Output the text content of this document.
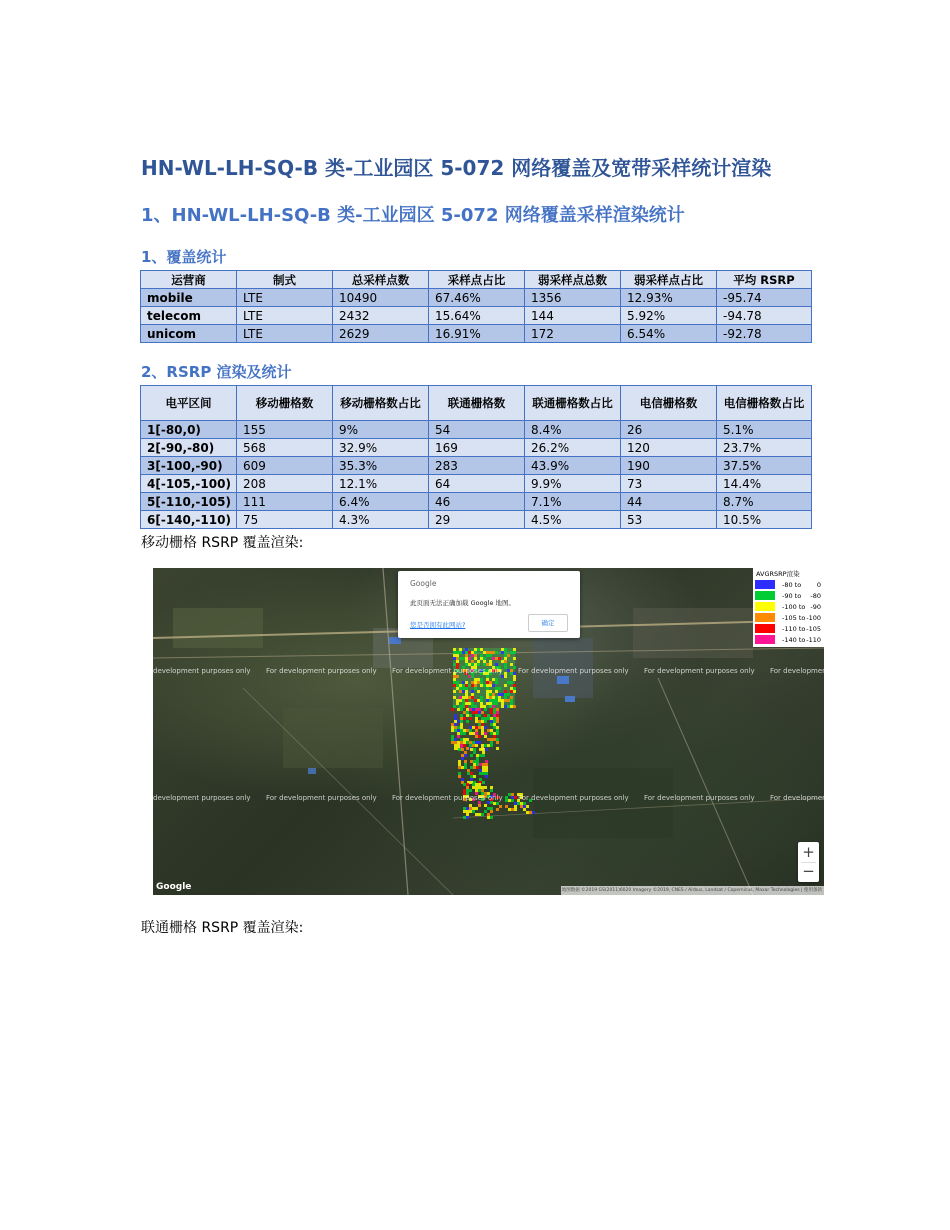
HN-WL-LH-SQ-B 类-工业园区 5-072 网络覆盖及宽带采样统计渲染
1、HN-WL-LH-SQ-B 类-工业园区 5-072 网络覆盖采样渲染统计
1、覆盖统计
运营商	制式	总采样点数	采样点占比	弱采样点总数	弱采样点占比	平均 RSRP
mobile	LTE	10490	67.46%	1356	12.93%	-95.74
telecom	LTE	2432	15.64%	144	5.92%	-94.78
unicom	LTE	2629	16.91%	172	6.54%	-92.78
2、RSRP 渲染及统计
电平区间	移动栅格数	移动栅格数占比	联通栅格数	联通栅格数占比	电信栅格数	电信栅格数占比
1[-80,0)	155	9%	54	8.4%	26	5.1%
2[-90,-80)	568	32.9%	169	26.2%	120	23.7%
3[-100,-90)	609	35.3%	283	43.9%	190	37.5%
4[-105,-100)	208	12.1%	64	9.9%	73	14.4%
5[-110,-105)	111	6.4%	46	7.1%	44	8.7%
6[-140,-110)	75	4.3%	29	4.5%	53	10.5%
移动栅格 RSRP 覆盖渲染:
development purposes only For development purposes only For development purposes only For development purposes only For development purposes only For development p
development purposes only For development purposes only For development purposes only For development purposes only For development purposes only For development p
Google
此页面无法正确加载 Google 地图。
您是否拥有此网站?	确定
AVGRSRP渲染
-80 to 0
-90 to -80
-100 to -90
-105 to -100
-110 to -105
-140 to -110
+
−
Google	地图数据 ©2019 GS(2011)6020 Imagery ©2019, CNES / Airbus, Landsat / Copernicus, Maxar Technologies | 使用条款
联通栅格 RSRP 覆盖渲染:
